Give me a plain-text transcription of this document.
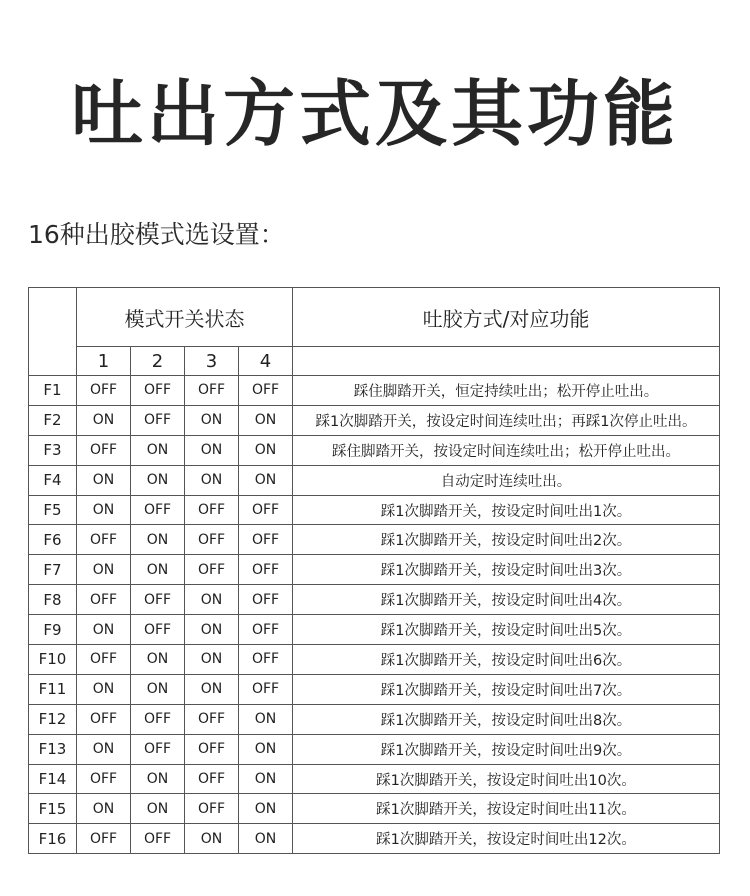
吐出方式及其功能
16种出胶模式选设置：
	模式开关状态				吐胶方式/对应功能
	1	2	3	4	
F1	OFF	OFF	OFF	OFF	踩住脚踏开关，恒定持续吐出；松开停止吐出。
F2	ON	OFF	ON	ON	踩1次脚踏开关，按设定时间连续吐出；再踩1次停止吐出。
F3	OFF	ON	ON	ON	踩住脚踏开关，按设定时间连续吐出；松开停止吐出。
F4	ON	ON	ON	ON	自动定时连续吐出。
F5	ON	OFF	OFF	OFF	踩1次脚踏开关，按设定时间吐出1次。
F6	OFF	ON	OFF	OFF	踩1次脚踏开关，按设定时间吐出2次。
F7	ON	ON	OFF	OFF	踩1次脚踏开关，按设定时间吐出3次。
F8	OFF	OFF	ON	OFF	踩1次脚踏开关，按设定时间吐出4次。
F9	ON	OFF	ON	OFF	踩1次脚踏开关，按设定时间吐出5次。
F10	OFF	ON	ON	OFF	踩1次脚踏开关，按设定时间吐出6次。
F11	ON	ON	ON	OFF	踩1次脚踏开关，按设定时间吐出7次。
F12	OFF	OFF	OFF	ON	踩1次脚踏开关，按设定时间吐出8次。
F13	ON	OFF	OFF	ON	踩1次脚踏开关，按设定时间吐出9次。
F14	OFF	ON	OFF	ON	踩1次脚踏开关，按设定时间吐出10次。
F15	ON	ON	OFF	ON	踩1次脚踏开关，按设定时间吐出11次。
F16	OFF	OFF	ON	ON	踩1次脚踏开关，按设定时间吐出12次。
